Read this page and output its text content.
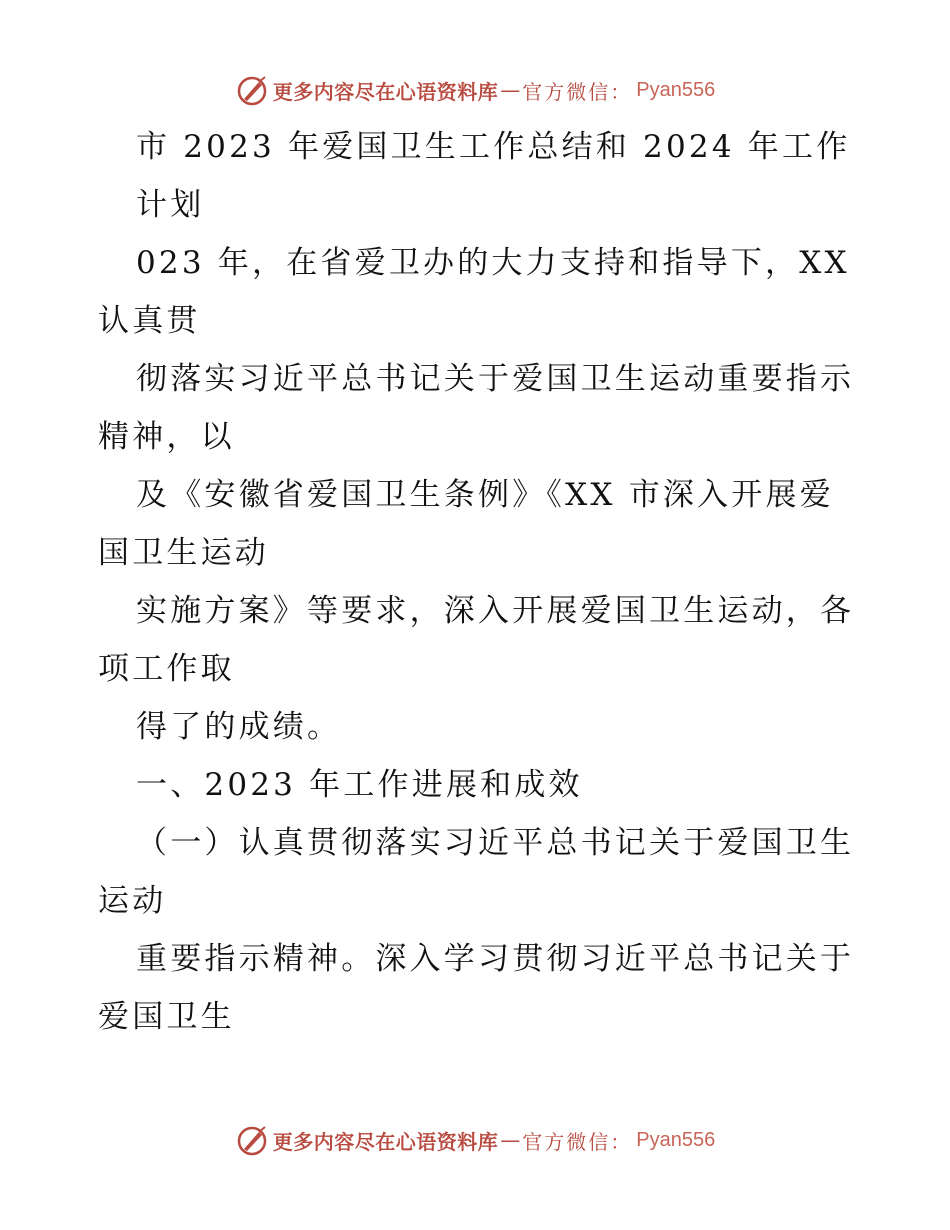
更多内容尽在心语资料库 — 官方微信： Pyan556
市 2023 年爱国卫生工作总结和 2024 年工作
计划
023 年，在省爱卫办的大力支持和指导下，XX
认真贯
彻落实习近平总书记关于爱国卫生运动重要指示
精神，以
及《安徽省爱国卫生条例》《XX 市深入开展爱
国卫生运动
实施方案》等要求，深入开展爱国卫生运动，各
项工作取
得了的成绩。
一、2023 年工作进展和成效
（一）认真贯彻落实习近平总书记关于爱国卫生
运动
重要指示精神。深入学习贯彻习近平总书记关于
爱国卫生
更多内容尽在心语资料库 — 官方微信： Pyan556
